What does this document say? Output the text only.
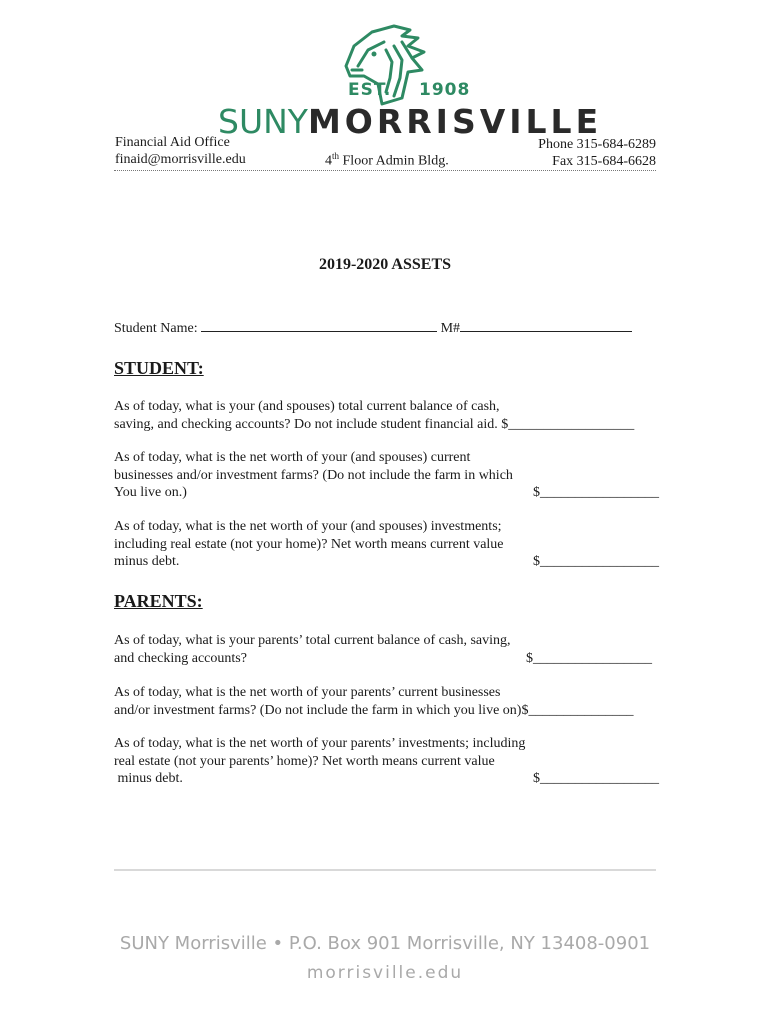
EST. 1908
SUNYMORRISVILLE
Financial Aid Office
finaid@morrisville.edu	4th Floor Admin Bldg.
Phone 315-684-6289
Fax 315-684-6628
2019-2020 ASSETS
Student Name:	M#
STUDENT:
As of today, what is your (and spouses) total current balance of cash,
saving, and checking accounts? Do not include student financial aid. $__________________
As of today, what is the net worth of your (and spouses) current
businesses and/or investment farms? (Do not include the farm in which
You live on.)	$_________________
As of today, what is the net worth of your (and spouses) investments;
including real estate (not your home)? Net worth means current value
minus debt.	$_________________
PARENTS:
As of today, what is your parents’ total current balance of cash, saving,
and checking accounts?	$_________________
As of today, what is the net worth of your parents’ current businesses
and/or investment farms? (Do not include the farm in which you live on)$_______________
As of today, what is the net worth of your parents’ investments; including
real estate (not your parents’ home)? Net worth means current value
minus debt.	$_________________
SUNY Morrisville • P.O. Box 901 Morrisville, NY 13408-0901
morrisville.edu
